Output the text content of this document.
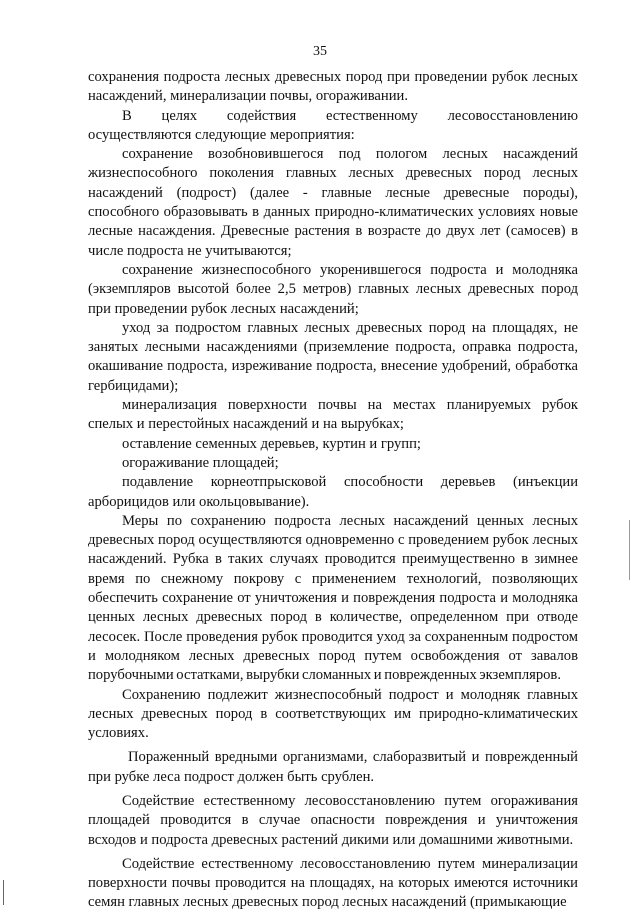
35

сохранения подроста лесных древесных пород при проведении рубок лесных насаждений, минерализации почвы, огораживании.

В целях содействия естественному лесовосстановлению осуществляются следующие мероприятия:

сохранение возобновившегося под пологом лесных насаждений жизнеспособного поколения главных лесных древесных пород лесных насаждений (подрост) (далее - главные лесные древесные породы), способного образовывать в данных природно-климатических условиях новые лесные насаждения. Древесные растения в возрасте до двух лет (самосев) в числе подроста не учитываются;

сохранение жизнеспособного укоренившегося подроста и молодняка (экземпляров высотой более 2,5 метров) главных лесных древесных пород при проведении рубок лесных насаждений;

уход за подростом главных лесных древесных пород на площадях, не занятых лесными насаждениями (приземление подроста, оправка подроста, окашивание подроста, изреживание подроста, внесение удобрений, обработка гербицидами);

минерализация поверхности почвы на местах планируемых рубок спелых и перестойных насаждений и на вырубках;

оставление семенных деревьев, куртин и групп;

огораживание площадей;

подавление корнеотпрысковой способности деревьев (инъекции арборицидов или окольцовывание).

Меры по сохранению подроста лесных насаждений ценных лесных древесных пород осуществляются одновременно с проведением рубок лесных насаждений. Рубка в таких случаях проводится преимущественно в зимнее время по снежному покрову с применением технологий, позволяющих обеспечить сохранение от уничтожения и повреждения подроста и молодняка ценных лесных древесных пород в количестве, определенном при отводе лесосек. После проведения рубок проводится уход за сохраненным подростом и молодняком лесных древесных пород путем освобождения от завалов порубочными остатками, вырубки сломанных и поврежденных экземпляров.

Сохранению подлежит жизнеспособный подрост и молодняк главных лесных древесных пород в соответствующих им природно-климатических условиях.

Пораженный вредными организмами, слаборазвитый и поврежденный при рубке леса подрост должен быть срублен.

Содействие естественному лесовосстановлению путем огораживания площадей проводится в случае опасности повреждения и уничтожения всходов и подроста древесных растений дикими или домашними животными.

Содействие естественному лесовосстановлению путем минерализации поверхности почвы проводится на площадях, на которых имеются источники семян главных лесных древесных пород лесных насаждений (примыкающие
